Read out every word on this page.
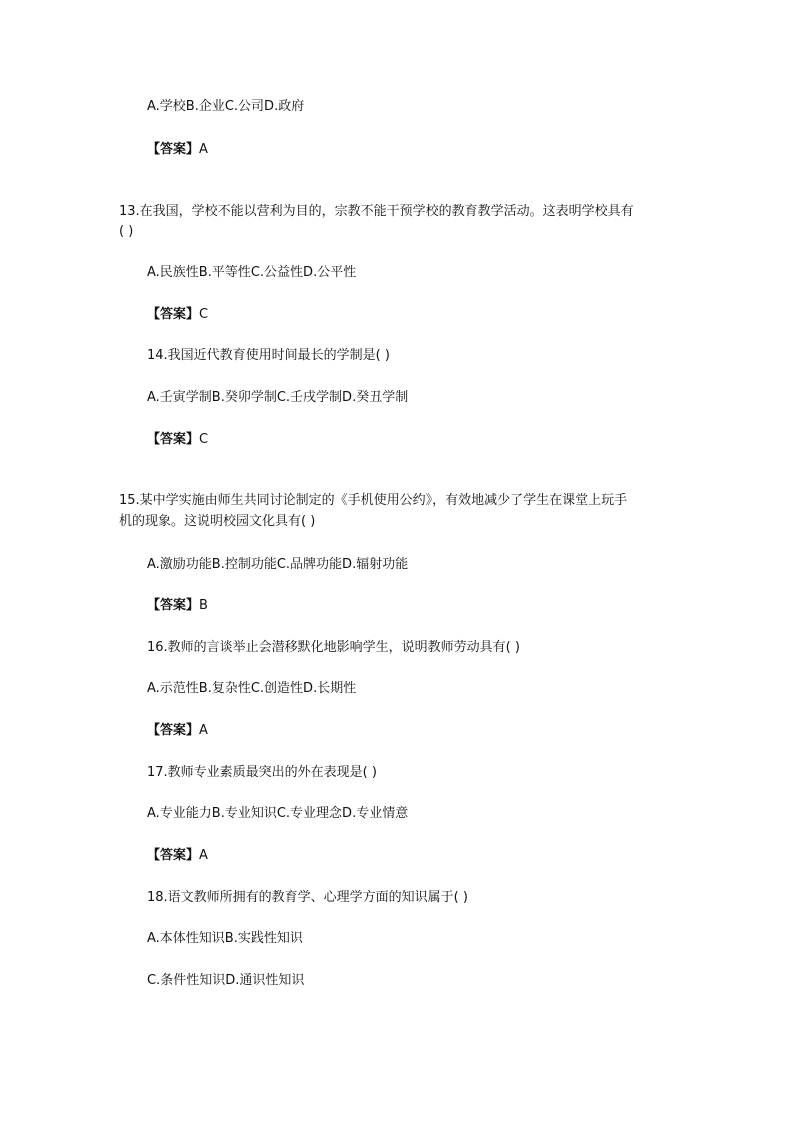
A.学校B.企业C.公司D.政府
【答案】A
13.在我国，学校不能以营利为目的，宗教不能干预学校的教育教学活动。这表明学校具有
( )
A.民族性B.平等性C.公益性D.公平性
【答案】C
14.我国近代教育使用时间最长的学制是( )
A.壬寅学制B.癸卯学制C.壬戌学制D.癸丑学制
【答案】C
15.某中学实施由师生共同讨论制定的《手机使用公约》，有效地减少了学生在课堂上玩手
机的现象。这说明校园文化具有( )
A.激励功能B.控制功能C.品牌功能D.辐射功能
【答案】B
16.教师的言谈举止会潜移默化地影响学生，说明教师劳动具有( )
A.示范性B.复杂性C.创造性D.长期性
【答案】A
17.教师专业素质最突出的外在表现是( )
A.专业能力B.专业知识C.专业理念D.专业情意
【答案】A
18.语文教师所拥有的教育学、心理学方面的知识属于( )
A.本体性知识B.实践性知识
C.条件性知识D.通识性知识
